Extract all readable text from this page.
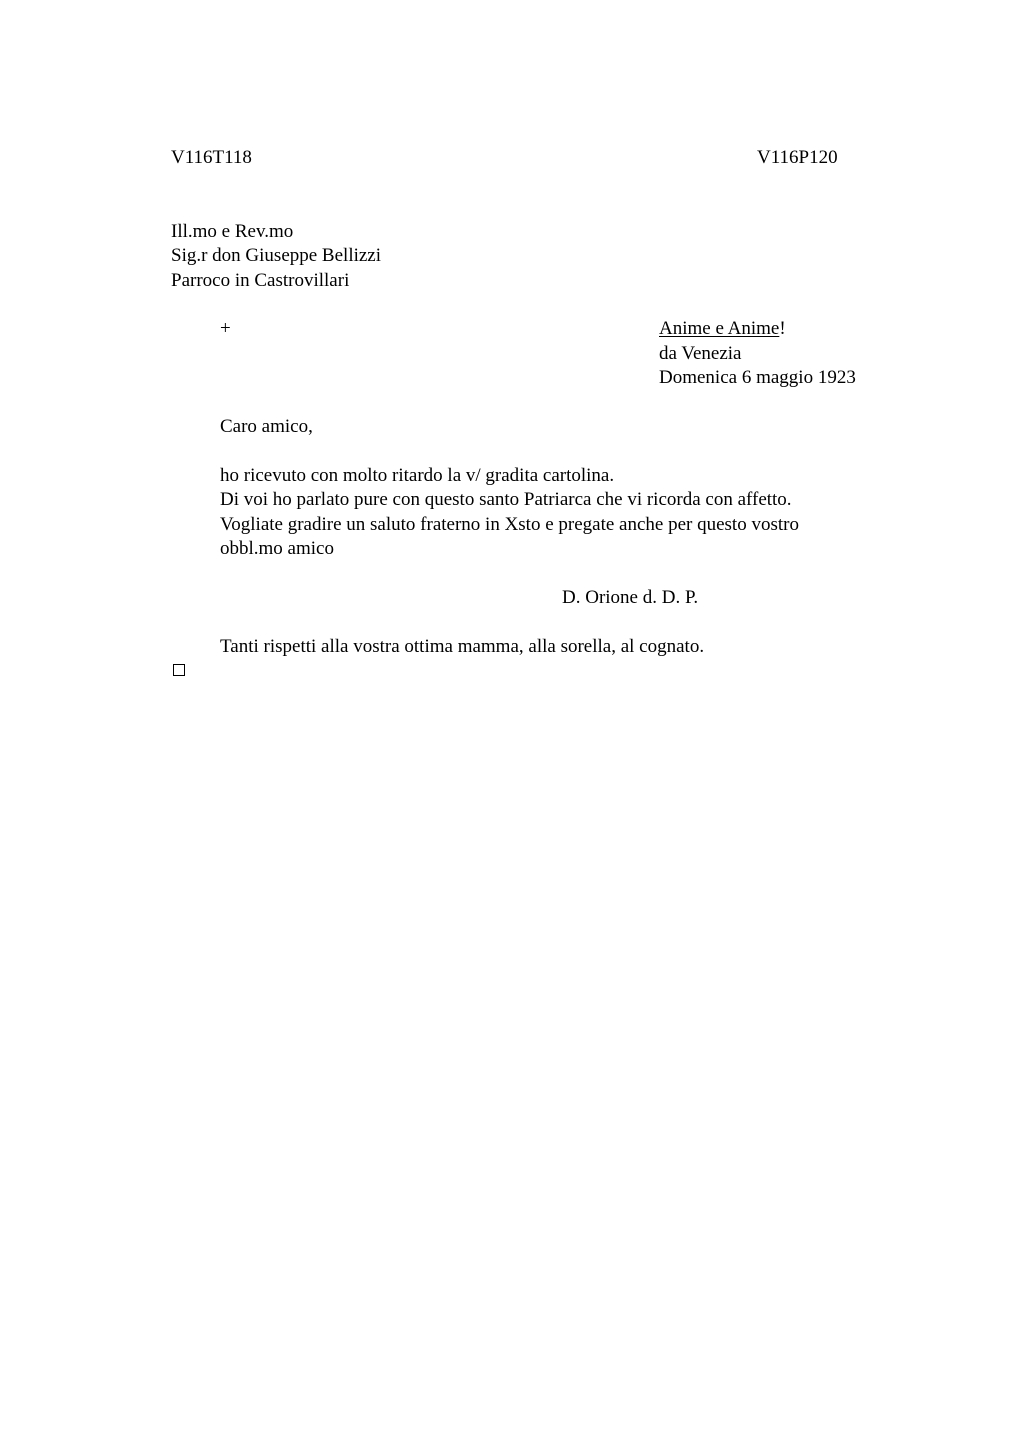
V116T118	V116P120
Ill.mo e Rev.mo
Sig.r don Giuseppe Bellizzi
Parroco in Castrovillari
+	Anime e Anime!
da Venezia
Domenica 6 maggio 1923
Caro amico,
ho ricevuto con molto ritardo la v/ gradita cartolina.
Di voi ho parlato pure con questo santo Patriarca che vi ricorda con affetto.
Vogliate gradire un saluto fraterno in Xsto e pregate anche per questo vostro
obbl.mo amico
D. Orione d. D. P.
Tanti rispetti alla vostra ottima mamma, alla sorella, al cognato.
